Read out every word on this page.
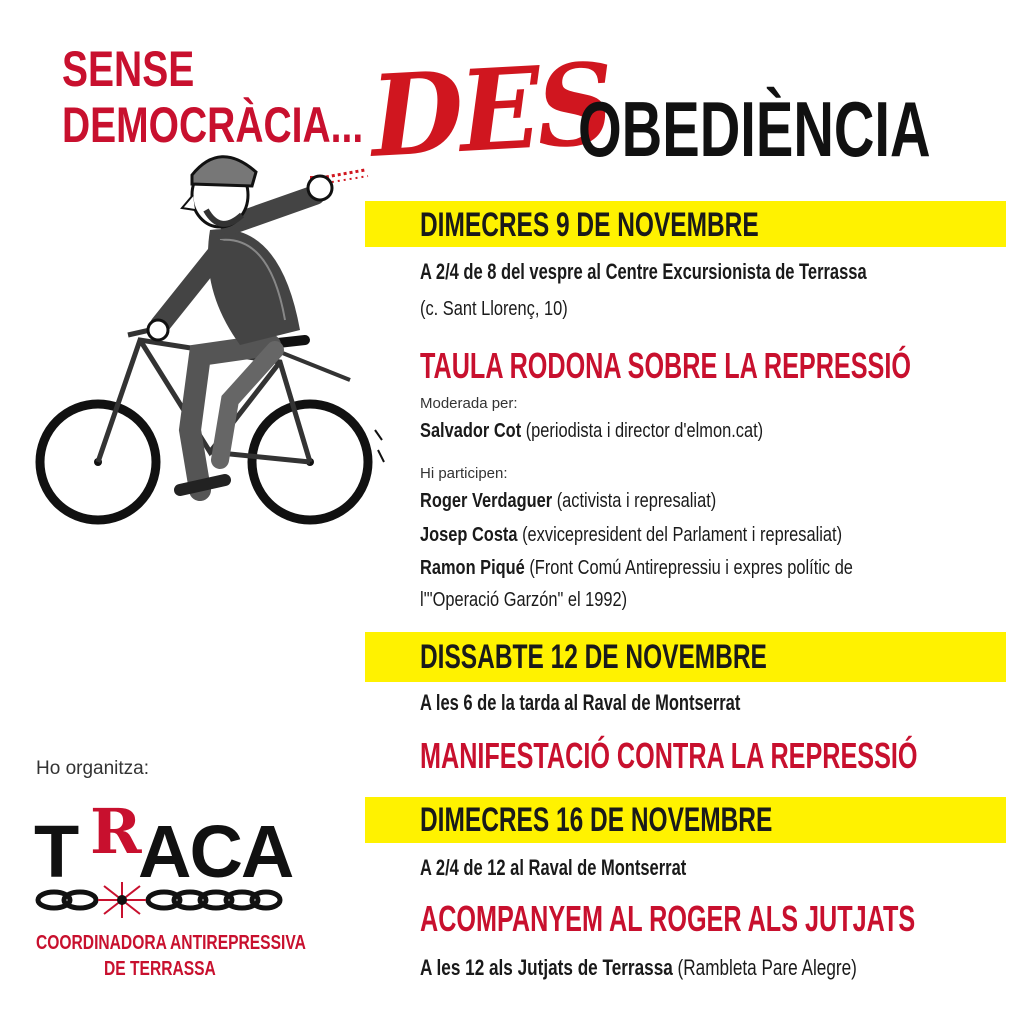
SENSE
DEMOCRÀCIA... DES
OBEDIÈNCIA
DIMECRES 9 DE NOVEMBRE
A 2/4 de 8 del vespre al Centre Excursionista de Terrassa
(c. Sant Llorenç, 10)
TAULA RODONA SOBRE LA REPRESSIÓ
Moderada per:
Salvador Cot (periodista i director d'elmon.cat)
Hi participen:
Roger Verdaguer (activista i represaliat)
Josep Costa (exvicepresident del Parlament i represaliat)
Ramon Piqué (Front Comú Antirepressiu i expres polític de
l'"Operació Garzón" el 1992)
DISSABTE 12 DE NOVEMBRE
A les 6 de la tarda al Raval de Montserrat
MANIFESTACIÓ CONTRA LA REPRESSIÓ
DIMECRES 16 DE NOVEMBRE
A 2/4 de 12 al Raval de Montserrat
ACOMPANYEM AL ROGER ALS JUTJATS
A les 12 als Jutjats de Terrassa (Rambleta Pare Alegre)
Ho organitza:
T R
ACA
COORDINADORA ANTIREPRESSIVA
DE TERRASSA
